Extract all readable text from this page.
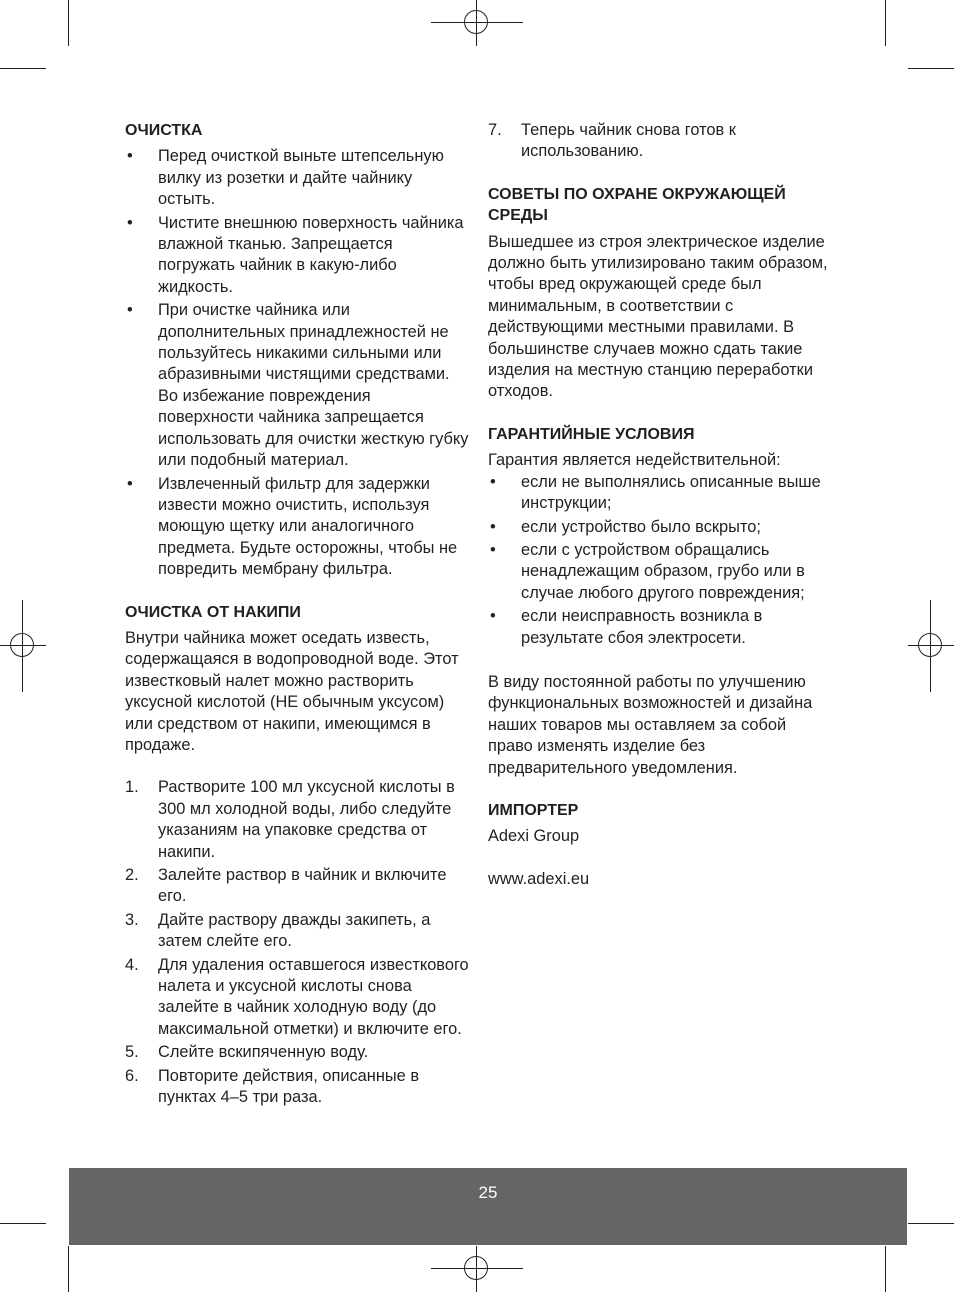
ОЧИСТКА
• Перед очисткой выньте штепсельную вилку из розетки и дайте чайнику остыть.
• Чистите внешнюю поверхность чайника влажной тканью. Запрещается погружать чайник в какую-либо жидкость.
• При очистке чайника или дополнительных принадлежностей не пользуйтесь никакими сильными или абразивными чистящими средствами. Во избежание повреждения поверхности чайника запрещается использовать для очистки жесткую губку или подобный материал.
• Извлеченный фильтр для задержки извести можно очистить, используя моющую щетку или аналогичного предмета. Будьте осторожны, чтобы не повредить мембрану фильтра.
ОЧИСТКА ОТ НАКИПИ

Внутри чайника может оседать известь, содержащаяся в водопроводной воде. Этот известковый налет можно растворить уксусной кислотой (НЕ обычным уксусом) или средством от накипи, имеющимся в продаже.

1. Растворите 100 мл уксусной кислоты в 300 мл холодной воды, либо следуйте указаниям на упаковке средства от накипи.
2. Залейте раствор в чайник и включите его.
3. Дайте раствору дважды закипеть, а затем слейте его.
4. Для удаления оставшегося известкового налета и уксусной кислоты снова залейте в чайник холодную воду (до максимальной отметки) и включите его.
5. Слейте вскипяченную воду.
6. Повторите действия, описанные в пунктах 4–5 три раза.
7. Теперь чайник снова готов к использованию.
СОВЕТЫ ПО ОХРАНЕ ОКРУЖАЮЩЕЙ СРЕДЫ

Вышедшее из строя электрическое изделие должно быть утилизировано таким образом, чтобы вред окружающей среде был минимальным, в соответствии с действующими местными правилами. В большинстве случаев можно сдать такие изделия на местную станцию переработки отходов.

ГАРАНТИЙНЫЕ УСЛОВИЯ

Гарантия является недействительной:

• если не выполнялись описанные выше инструкции;
• если устройство было вскрыто;
• если с устройством обращались ненадлежащим образом, грубо или в случае любого другого повреждения;
• если неисправность возникла в результате сбоя электросети.

В виду постоянной работы по улучшению функциональных возможностей и дизайна наших товаров мы оставляем за собой право изменять изделие без предварительного уведомления.

ИМПОРТЕР

Adexi Group

www.adexi.eu

25
